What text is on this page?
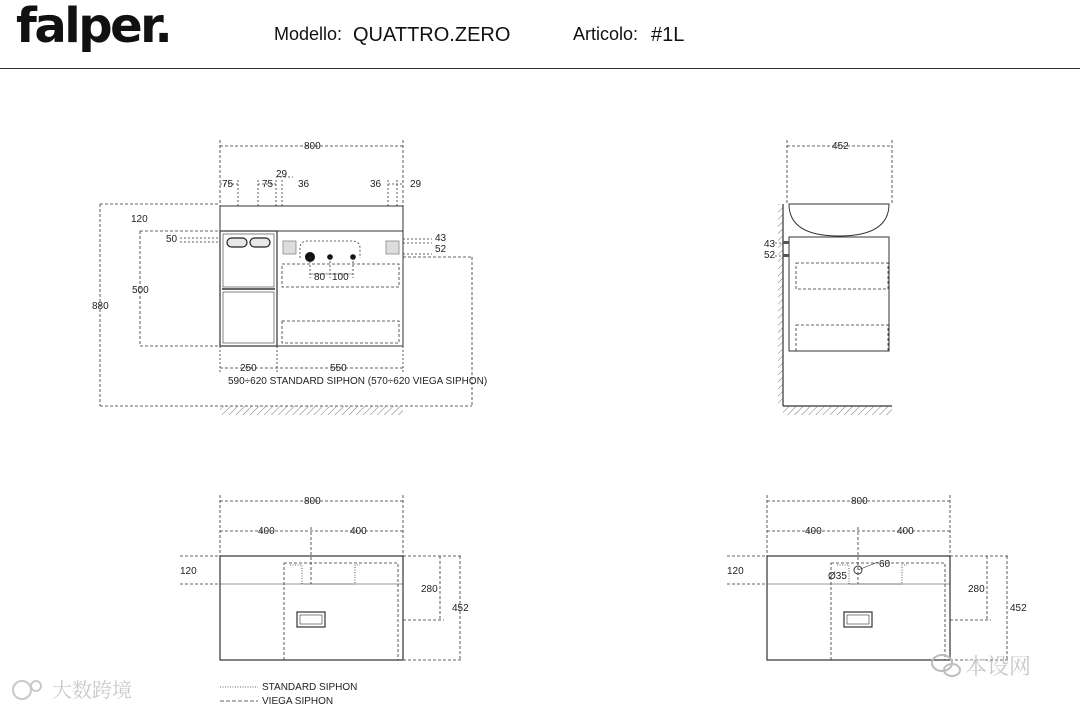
falper.	Modello: QUATTRO.ZERO	Articolo: #1L
800
75	75
29
36	36	29
120
50
500
880
43
52
80 100
250	550
590÷620 STANDARD SIPHON (570÷620 VIEGA SIPHON)
452
43
52
800
400	400
120
280
452
800
400	400
120
60
Ø35
280
452
STANDARD SIPHON
VIEGA SIPHON
大数跨境
本设网
